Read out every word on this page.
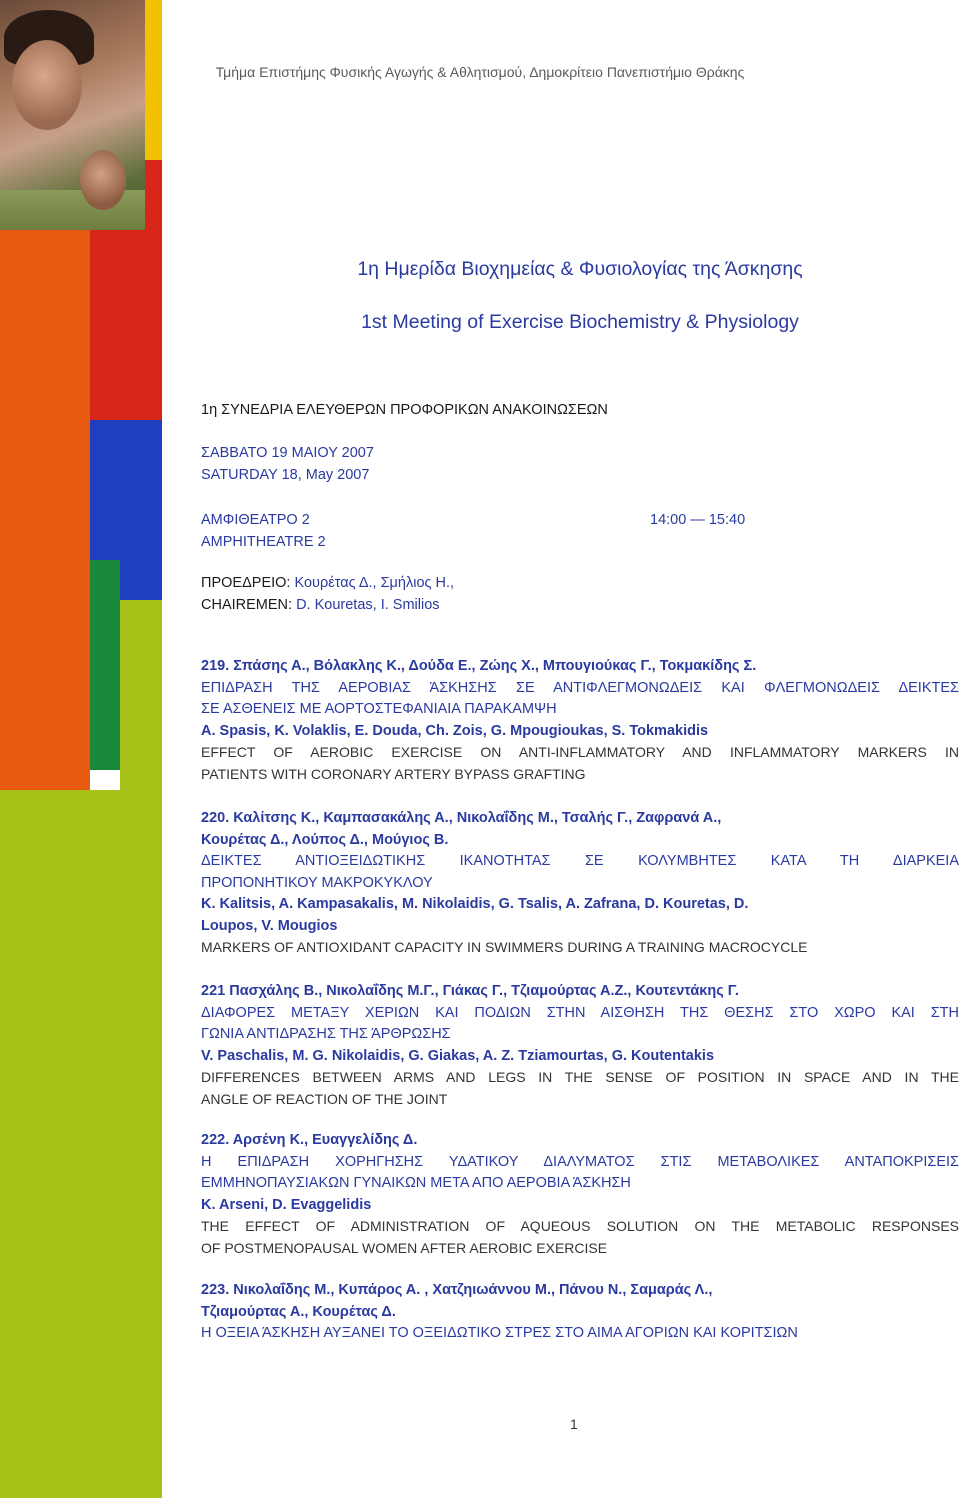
Τμήμα Επιστήμης Φυσικής Αγωγής & Αθλητισμού, Δημοκρίτειο Πανεπιστήμιο Θράκης
1η Ημερίδα Βιοχημείας & Φυσιολογίας της Άσκησης
1st Meeting of Exercise Biochemistry & Physiology
1η ΣΥΝΕΔΡΙΑ ΕΛΕΥΘΕΡΩΝ ΠΡΟΦΟΡΙΚΩΝ ΑΝΑΚΟΙΝΩΣΕΩΝ
ΣΑΒΒΑΤΟ 19 ΜΑΙΟΥ 2007
SATURDAY 18, May 2007
ΑΜΦΙΘΕΑΤΡΟ 2	14:00 — 15:40
AMPHITHEATRE 2
ΠΡΟΕΔΡΕΙΟ: Κουρέτας Δ., Σμήλιος Η.,
CHAIREMEN: D. Kouretas, I. Smilios

219. Σπάσης Α., Βόλακλης Κ., Δούδα Ε., Ζώης Χ., Μπουγιούκας Γ., Τοκμακίδης Σ.

ΕΠΙΔΡΑΣΗ ΤΗΣ ΑΕΡΟΒΙΑΣ ΆΣΚΗΣΗΣ ΣΕ ΑΝΤΙΦΛΕΓΜΟΝΩΔΕΙΣ ΚΑΙ ΦΛΕΓΜΟΝΩΔΕΙΣ ΔΕΙΚΤΕΣ

ΣΕ ΑΣΘΕΝΕΙΣ ΜΕ ΑΟΡΤΟΣΤΕΦΑΝΙΑΙΑ ΠΑΡΑΚΑΜΨΗ

A. Spasis, K. Volaklis, E. Douda, Ch. Zois, G. Mpougioukas, S. Tokmakidis

EFFECT OF AEROBIC EXERCISE ON ANTI-INFLAMMATORY AND INFLAMMATORY MARKERS IN

PATIENTS WITH CORONARY ARTERY BYPASS GRAFTING

220. Καλίτσης Κ., Καμπασακάλης Α., Νικολαΐδης Μ., Τσαλής Γ., Ζαφρανά Α.,

Κουρέτας Δ., Λούπος Δ., Μούγιος Β.

ΔΕΙΚΤΕΣ ΑΝΤΙΟΞΕΙΔΩΤΙΚΗΣ ΙΚΑΝΟΤΗΤΑΣ ΣΕ ΚΟΛΥΜΒΗΤΕΣ ΚΑΤΑ ΤΗ ΔΙΑΡΚΕΙΑ

ΠΡΟΠΟΝΗΤΙΚΟΥ ΜΑΚΡΟΚΥΚΛΟΥ

K. Kalitsis, A. Kampasakalis, M. Nikolaidis, G. Tsalis, A. Zafrana, D. Kouretas, D.

Loupos, V. Mougios

MARKERS OF ANTIOXIDANT CAPACITY IN SWIMMERS DURING A TRAINING MACROCYCLE

221 Πασχάλης Β., Νικολαΐδης Μ.Γ., Γιάκας Γ., Τζιαμούρτας Α.Ζ., Κουτεντάκης Γ.

ΔΙΑΦΟΡΕΣ ΜΕΤΑΞΥ ΧΕΡΙΩΝ ΚΑΙ ΠΟΔΙΩΝ ΣΤΗΝ ΑΙΣΘΗΣΗ ΤΗΣ ΘΕΣΗΣ ΣΤΟ ΧΩΡΟ ΚΑΙ ΣΤΗ

ΓΩΝΙΑ ΑΝΤΙΔΡΑΣΗΣ ΤΗΣ ΆΡΘΡΩΣΗΣ

V. Paschalis, M. G. Nikolaidis, G. Giakas, A. Z. Tziamourtas, G. Koutentakis

DIFFERENCES BETWEEN ARMS AND LEGS IN THE SENSE OF POSITION IN SPACE AND IN THE

ANGLE OF REACTION OF THE JOINT

222. Αρσένη Κ., Ευαγγελίδης Δ.

Η ΕΠΙΔΡΑΣΗ ΧΟΡΗΓΗΣΗΣ ΥΔΑΤΙΚΟΥ ΔΙΑΛΥΜΑΤΟΣ ΣΤΙΣ ΜΕΤΑΒΟΛΙΚΕΣ ΑΝΤΑΠΟΚΡΙΣΕΙΣ

ΕΜΜΗΝΟΠΑΥΣΙΑΚΩΝ ΓΥΝΑΙΚΩΝ ΜΕΤΑ ΑΠΟ ΑΕΡΟΒΙΑ ΆΣΚΗΣΗ

K. Arseni, D. Evaggelidis

THE EFFECT OF ADMINISTRATION OF AQUEOUS SOLUTION ON THE METABOLIC RESPONSES

OF POSTMENOPAUSAL WOMEN AFTER AEROBIC EXERCISE

223. Νικολαΐδης Μ., Κυπάρος Α. , Χατζηιωάννου Μ., Πάνου Ν., Σαμαράς Λ.,

Τζιαμούρτας Α., Κουρέτας Δ.

Η ΟΞΕΙΑ ΆΣΚΗΣΗ ΑΥΞΑΝΕΙ ΤΟ ΟΞΕΙΔΩΤΙΚΟ ΣΤΡΕΣ ΣΤΟ ΑΙΜΑ ΑΓΟΡΙΩΝ ΚΑΙ ΚΟΡΙΤΣΙΩΝ

1
